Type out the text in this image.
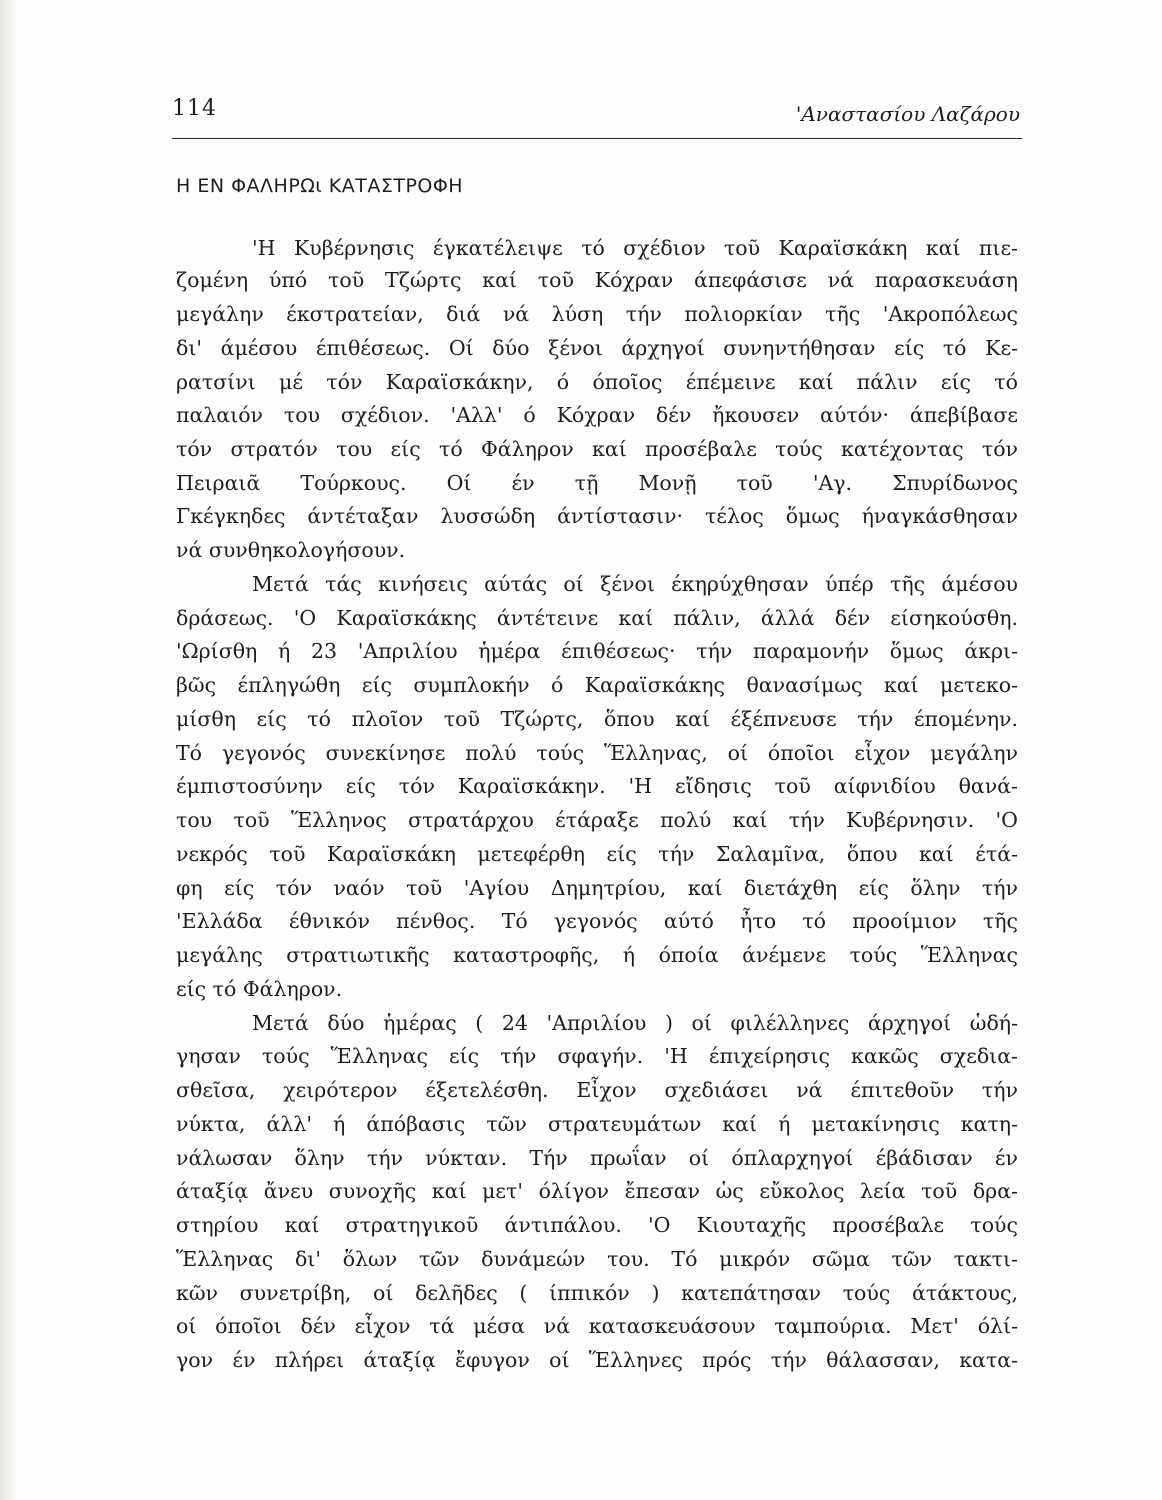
114	'Αναστασίου Λαζάρου
Η ΕΝ ΦΑΛΗΡΩι ΚΑΤΑΣΤΡΟΦΗ
'Η Κυβέρνησις έγκατέλειψε τό σχέδιον τοῦ Καραϊσκάκη καί πιε-
ζομένη ύπό τοῦ Τζώρτς καί τοῦ Κόχραν άπεφάσισε νά παρασκευάση
μεγάλην έκστρατείαν, διά νά λύση τήν πολιορκίαν τῆς 'Ακροπόλεως
δι' άμέσου έπιθέσεως. Οί δύο ξένοι άρχηγοί συνηντήθησαν είς τό Κε-
ρατσίνι μέ τόν Καραϊσκάκην, ό όποῖος έπέμεινε καί πάλιν είς τό
παλαιόν του σχέδιον. 'Αλλ' ό Κόχραν δέν ἤκουσεν αύτόν· άπεβίβασε
τόν στρατόν του είς τό Φάληρον καί προσέβαλε τούς κατέχοντας τόν
Πειραιᾶ Τούρκους. Οί έν τῇ Μονῇ τοῦ 'Αγ. Σπυρίδωνος
Γκέγκηδες άντέταξαν λυσσώδη άντίστασιν· τέλος ὅμως ήναγκάσθησαν
νά συνθηκολογήσουν.
Μετά τάς κινήσεις αύτάς οί ξένοι έκηρύχθησαν ύπέρ τῆς άμέσου
δράσεως. 'Ο Καραϊσκάκης άντέτεινε καί πάλιν, άλλά δέν είσηκούσθη.
'Ωρίσθη ή 23 'Απριλίου ἡμέρα έπιθέσεως· τήν παραμονήν ὅμως άκρι-
βῶς έπληγώθη είς συμπλοκήν ό Καραϊσκάκης θανασίμως καί μετεκο-
μίσθη είς τό πλοῖον τοῦ Τζώρτς, ὅπου καί έξέπνευσε τήν έπομένην.
Τό γεγονός συνεκίνησε πολύ τούς Ἕλληνας, οί όποῖοι εἶχον μεγάλην
έμπιστοσύνην είς τόν Καραϊσκάκην. 'Η εἴδησις τοῦ αίφνιδίου θανά-
του τοῦ Ἕλληνος στρατάρχου έτάραξε πολύ καί τήν Κυβέρνησιν. 'Ο
νεκρός τοῦ Καραϊσκάκη μετεφέρθη είς τήν Σαλαμῖνα, ὅπου καί έτά-
φη είς τόν ναόν τοῦ 'Αγίου Δημητρίου, καί διετάχθη είς ὅλην τήν
'Ελλάδα έθνικόν πένθος. Τό γεγονός αύτό ἦτο τό προοίμιον τῆς
μεγάλης στρατιωτικῆς καταστροφῆς, ή όποία άνέμενε τούς Ἕλληνας
είς τό Φάληρον.
Μετά δύο ἡμέρας ( 24 'Απριλίου ) οί φιλέλληνες άρχηγοί ὡδή-
γησαν τούς Ἕλληνας είς τήν σφαγήν. 'Η έπιχείρησις κακῶς σχεδια-
σθεῖσα, χειρότερον έξετελέσθη. Εἶχον σχεδιάσει νά έπιτεθοῦν τήν
νύκτα, άλλ' ή άπόβασις τῶν στρατευμάτων καί ή μετακίνησις κατη-
νάλωσαν ὅλην τήν νύκταν. Τήν πρωΐαν οί όπλαρχηγοί έβάδισαν έν
άταξίᾳ ἄνευ συνοχῆς καί μετ' όλίγον ἔπεσαν ὡς εὔκολος λεία τοῦ δρα-
στηρίου καί στρατηγικοῦ άντιπάλου. 'Ο Κιουταχῆς προσέβαλε τούς
Ἕλληνας δι' ὅλων τῶν δυνάμεών του. Τό μικρόν σῶμα τῶν τακτι-
κῶν συνετρίβη, οί δελῆδες ( ίππικόν ) κατεπάτησαν τούς άτάκτους,
οί όποῖοι δέν εἶχον τά μέσα νά κατασκευάσουν ταμπούρια. Μετ' όλί-
γον έν πλήρει άταξίᾳ ἔφυγον οί Ἕλληνες πρός τήν θάλασσαν, κατα-
